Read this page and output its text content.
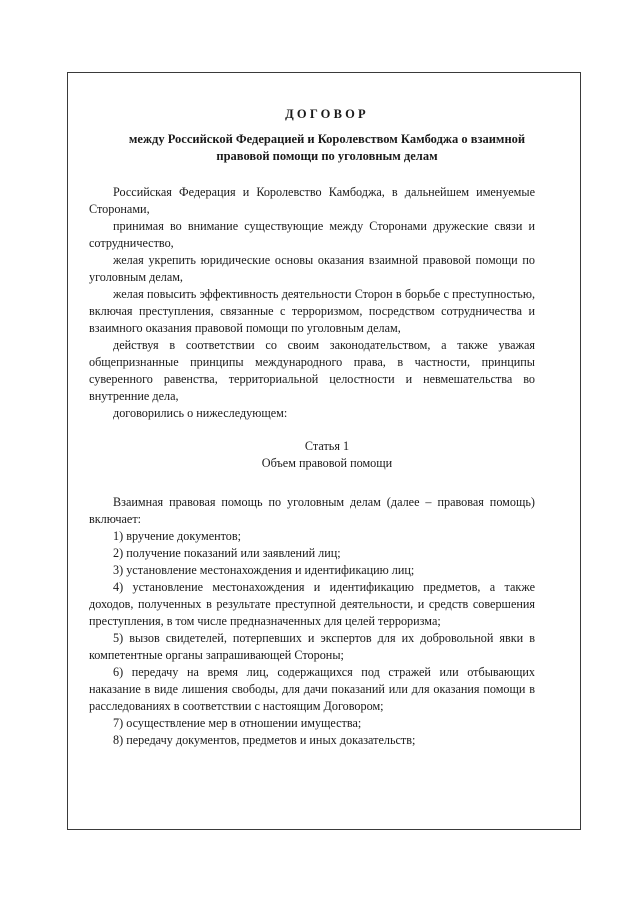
ДОГОВОР
между Российской Федерацией и Королевством Камбоджа о взаимной правовой помощи по уголовным делам

Российская Федерация и Королевство Камбоджа, в дальнейшем именуемые Сторонами,

принимая во внимание существующие между Сторонами дружеские связи и сотрудничество,

желая укрепить юридические основы оказания взаимной правовой помощи по уголовным делам,

желая повысить эффективность деятельности Сторон в борьбе с преступностью, включая преступления, связанные с терроризмом, посредством сотрудничества и взаимного оказания правовой помощи по уголовным делам,

действуя в соответствии со своим законодательством, а также уважая общепризнанные принципы международного права, в частности, принципы суверенного равенства, территориальной целостности и невмешательства во внутренние дела,

договорились о нижеследующем:

Статья 1
Объем правовой помощи

Взаимная правовая помощь по уголовным делам (далее – правовая помощь) включает:

1) вручение документов;

2) получение показаний или заявлений лиц;

3) установление местонахождения и идентификацию лиц;

4) установление местонахождения и идентификацию предметов, а также доходов, полученных в результате преступной деятельности, и средств совершения преступления, в том числе предназначенных для целей терроризма;

5) вызов свидетелей, потерпевших и экспертов для их добровольной явки в компетентные органы запрашивающей Стороны;

6) передачу на время лиц, содержащихся под стражей или отбывающих наказание в виде лишения свободы, для дачи показаний или для оказания помощи в расследованиях в соответствии с настоящим Договором;

7) осуществление мер в отношении имущества;

8) передачу документов, предметов и иных доказательств;
